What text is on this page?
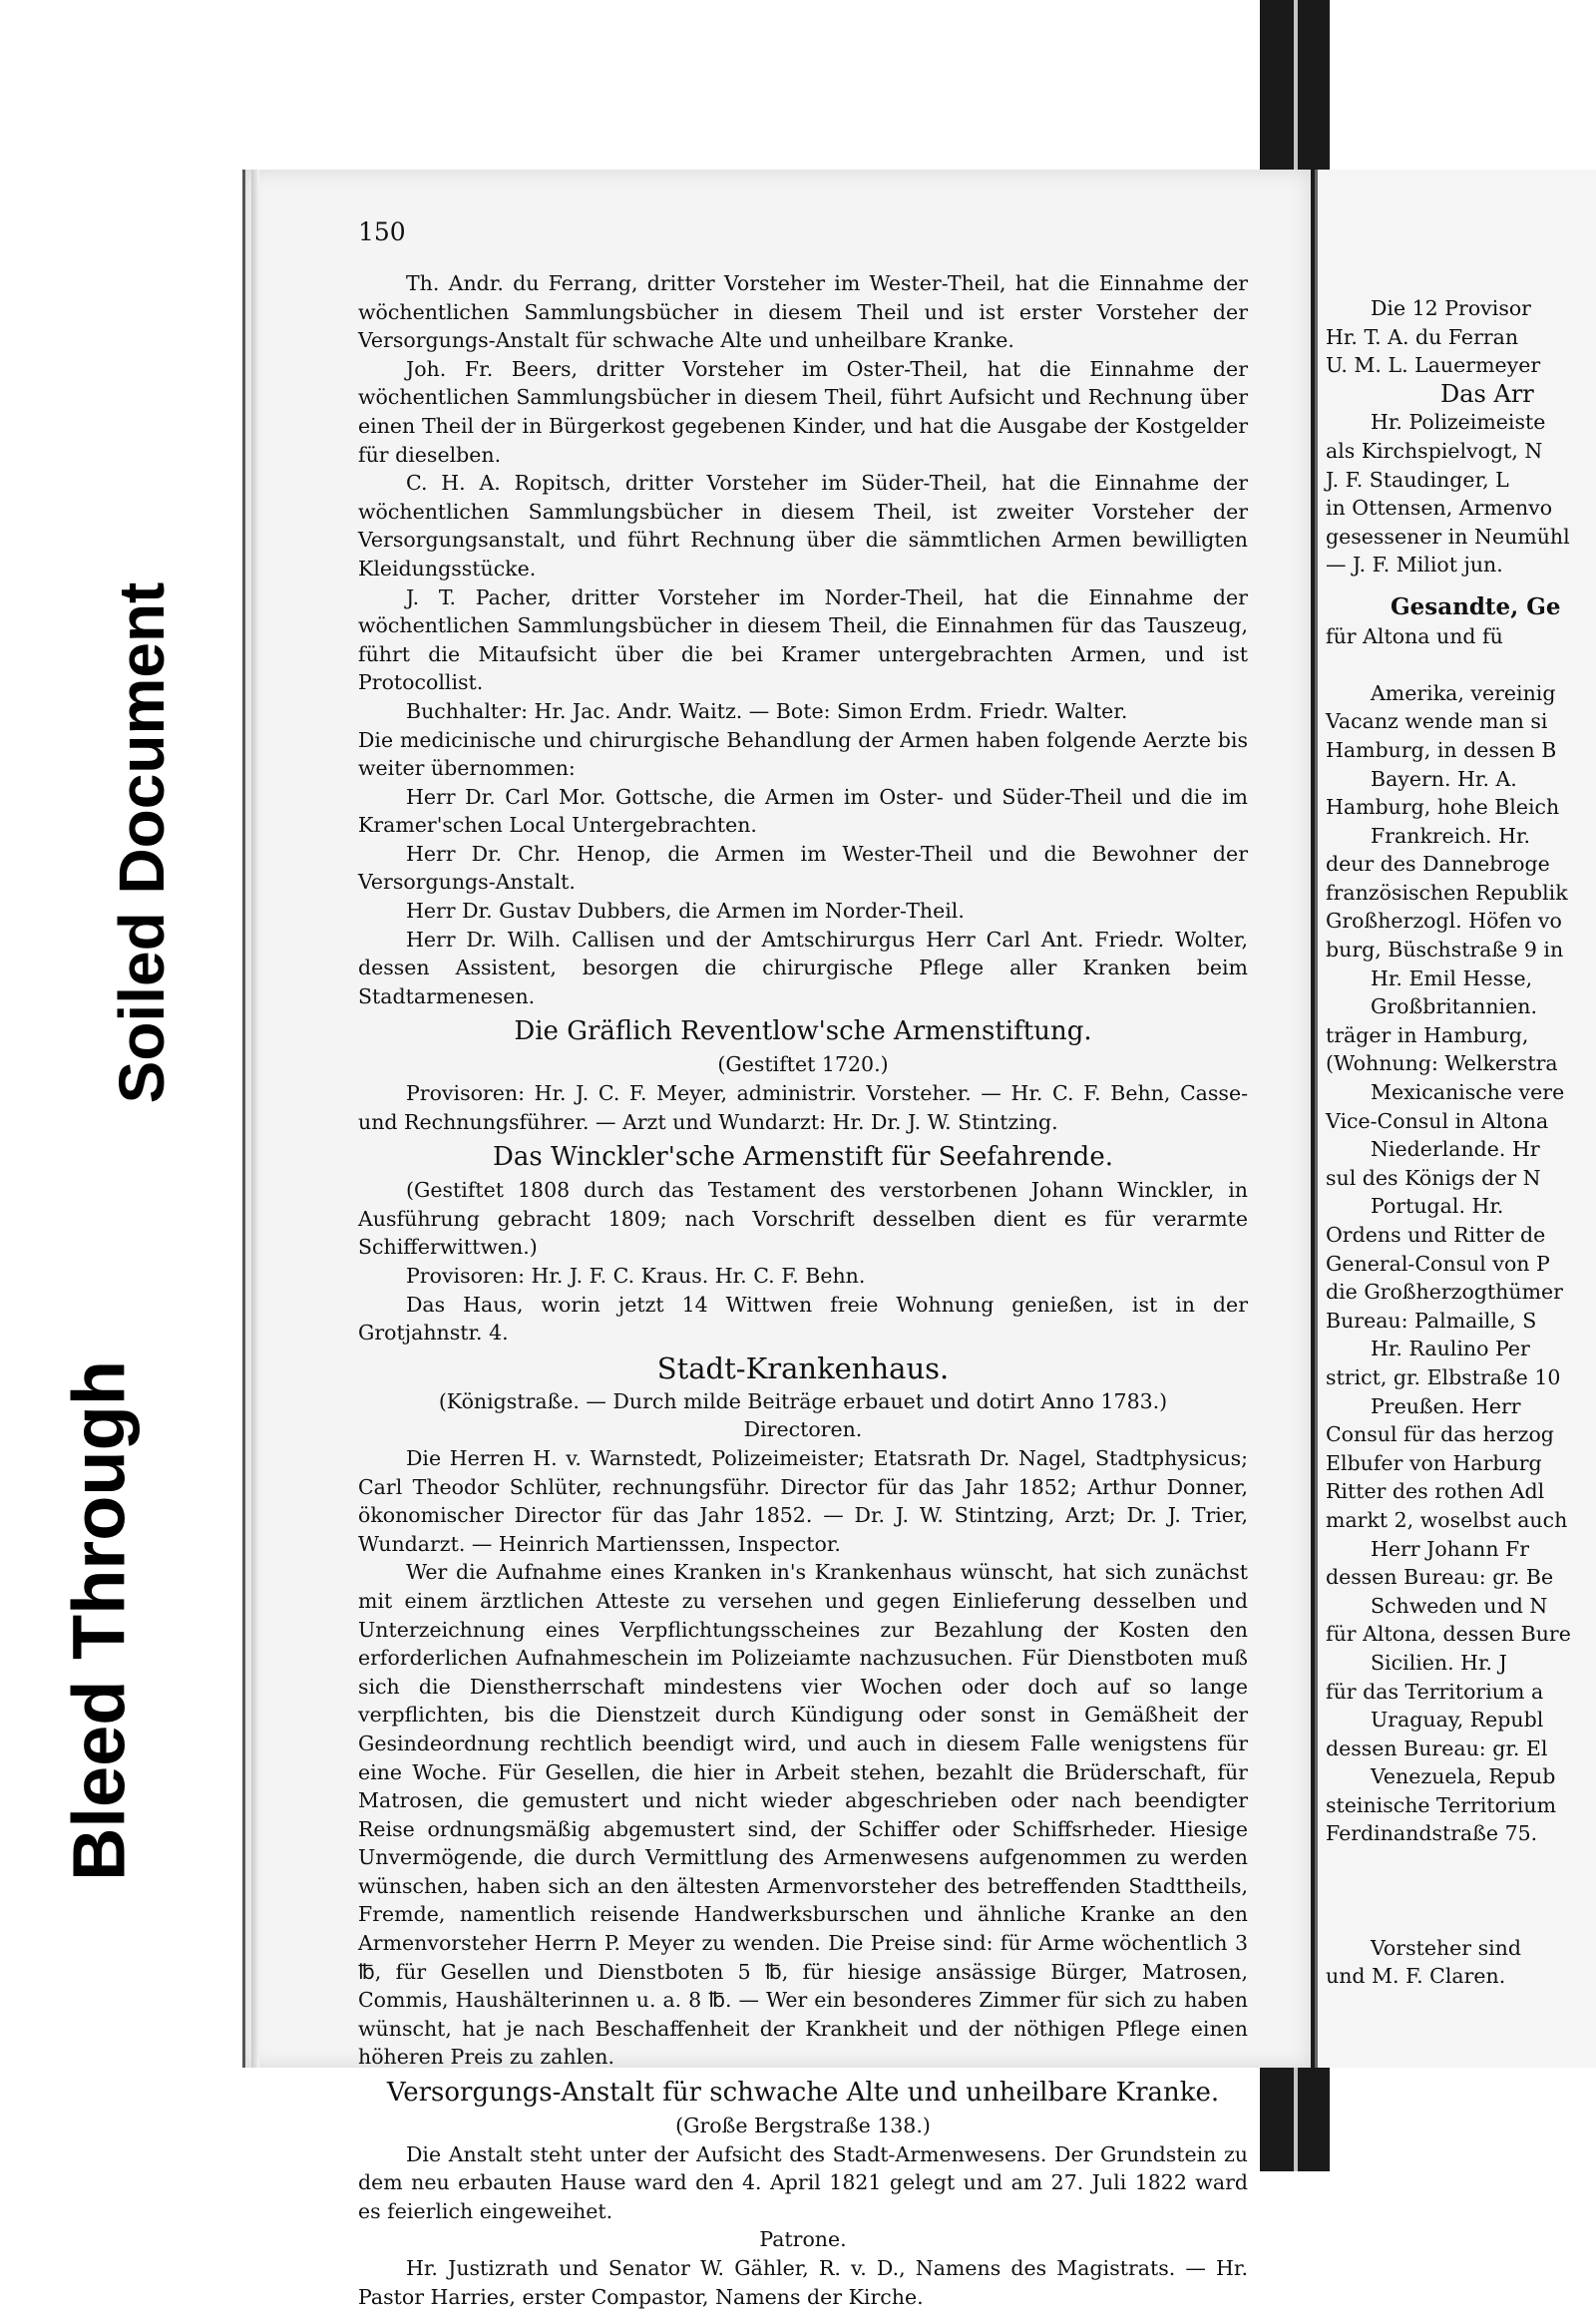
150

Th. Andr. du Ferrang, dritter Vorsteher im Wester-Theil, hat die Einnahme der wöchentlichen Sammlungsbücher in diesem Theil und ist erster Vorsteher der Versorgungs-Anstalt für schwache Alte und unheilbare Kranke.

Joh. Fr. Beers, dritter Vorsteher im Oster-Theil, hat die Einnahme der wöchentlichen Sammlungsbücher in diesem Theil, führt Aufsicht und Rechnung über einen Theil der in Bürgerkost gegebenen Kinder, und hat die Ausgabe der Kostgelder für dieselben.

C. H. A. Ropitsch, dritter Vorsteher im Süder-Theil, hat die Einnahme der wöchentlichen Sammlungsbücher in diesem Theil, ist zweiter Vorsteher der Versorgungsanstalt, und führt Rechnung über die sämmtlichen Armen bewilligten Kleidungsstücke.

J. T. Pacher, dritter Vorsteher im Norder-Theil, hat die Einnahme der wöchentlichen Sammlungsbücher in diesem Theil, die Einnahmen für das Tauszeug, führt die Mitaufsicht über die bei Kramer untergebrachten Armen, und ist Protocollist.

Buchhalter: Hr. Jac. Andr. Waitz. — Bote: Simon Erdm. Friedr. Walter.

Die medicinische und chirurgische Behandlung der Armen haben folgende Aerzte bis weiter übernommen:

Herr Dr. Carl Mor. Gottsche, die Armen im Oster- und Süder-Theil und die im Kramer'schen Local Untergebrachten.

Herr Dr. Chr. Henop, die Armen im Wester-Theil und die Bewohner der Versorgungs-Anstalt.

Herr Dr. Gustav Dubbers, die Armen im Norder-Theil.

Herr Dr. Wilh. Callisen und der Amtschirurgus Herr Carl Ant. Friedr. Wolter, dessen Assistent, besorgen die chirurgische Pflege aller Kranken beim Stadtarmenesen.

Die Gräflich Reventlow'sche Armenstiftung.

(Gestiftet 1720.)

Provisoren: Hr. J. C. F. Meyer, administrir. Vorsteher. — Hr. C. F. Behn, Casse- und Rechnungsführer. — Arzt und Wundarzt: Hr. Dr. J. W. Stintzing.

Das Winckler'sche Armenstift für Seefahrende.

(Gestiftet 1808 durch das Testament des verstorbenen Johann Winckler, in Ausführung gebracht 1809; nach Vorschrift desselben dient es für verarmte Schifferwittwen.)

Provisoren: Hr. J. F. C. Kraus. Hr. C. F. Behn.

Das Haus, worin jetzt 14 Wittwen freie Wohnung genießen, ist in der Grotjahnstr. 4.

Stadt-Krankenhaus.

(Königstraße. — Durch milde Beiträge erbauet und dotirt Anno 1783.)

Directoren.

Die Herren H. v. Warnstedt, Polizeimeister; Etatsrath Dr. Nagel, Stadtphysicus; Carl Theodor Schlüter, rechnungsführ. Director für das Jahr 1852; Arthur Donner, ökonomischer Director für das Jahr 1852. — Dr. J. W. Stintzing, Arzt; Dr. J. Trier, Wundarzt. — Heinrich Martienssen, Inspector.

Wer die Aufnahme eines Kranken in's Krankenhaus wünscht, hat sich zunächst mit einem ärztlichen Atteste zu versehen und gegen Einlieferung desselben und Unterzeichnung eines Verpflichtungsscheines zur Bezahlung der Kosten den erforderlichen Aufnahmeschein im Polizeiamte nachzusuchen. Für Dienstboten muß sich die Dienstherrschaft mindestens vier Wochen oder doch auf so lange verpflichten, bis die Dienstzeit durch Kündigung oder sonst in Gemäßheit der Gesindeordnung rechtlich beendigt wird, und auch in diesem Falle wenigstens für eine Woche. Für Gesellen, die hier in Arbeit stehen, bezahlt die Brüderschaft, für Matrosen, die gemustert und nicht wieder abgeschrieben oder nach beendigter Reise ordnungsmäßig abgemustert sind, der Schiffer oder Schiffsrheder. Hiesige Unvermögende, die durch Vermittlung des Armenwesens aufgenommen zu werden wünschen, haben sich an den ältesten Armenvorsteher des betreffenden Stadttheils, Fremde, namentlich reisende Handwerksburschen und ähnliche Kranke an den Armenvorsteher Herrn P. Meyer zu wenden. Die Preise sind: für Arme wöchentlich 3 ℔, für Gesellen und Dienstboten 5 ℔, für hiesige ansässige Bürger, Matrosen, Commis, Haushälterinnen u. a. 8 ℔. — Wer ein besonderes Zimmer für sich zu haben wünscht, hat je nach Beschaffenheit der Krankheit und der nöthigen Pflege einen höheren Preis zu zahlen.

Versorgungs-Anstalt für schwache Alte und unheilbare Kranke.

(Große Bergstraße 138.)

Die Anstalt steht unter der Aufsicht des Stadt-Armenwesens. Der Grundstein zu dem neu erbauten Hause ward den 4. April 1821 gelegt und am 27. Juli 1822 ward es feierlich eingeweihet.

Patrone.

Hr. Justizrath und Senator W. Gähler, R. v. D., Namens des Magistrats. — Hr. Pastor Harries, erster Compastor, Namens der Kirche.

Die 12 Provisor
Hr. T. A. du Ferran
U. M. L. Lauermeyer
Das Arr
Hr. Polizeimeiste
als Kirchspielvogt, N
J. F. Staudinger, L
in Ottensen, Armenvo
gesessener in Neumühl
— J. F. Miliot jun.
Gesandte, Ge
für Altona und fü
Amerika, vereinig
Vacanz wende man si
Hamburg, in dessen B
Bayern. Hr. A.
Hamburg, hohe Bleich
Frankreich. Hr.
deur des Dannebroge
französischen Republik
Großherzogl. Höfen vo
burg, Büschstraße 9 in
Hr. Emil Hesse,
Großbritannien.
träger in Hamburg,
(Wohnung: Welkerstra
Mexicanische vere
Vice-Consul in Altona
Niederlande. Hr
sul des Königs der N
Portugal. Hr.
Ordens und Ritter de
General-Consul von P
die Großherzogthümer
Bureau: Palmaille, S
Hr. Raulino Per
strict, gr. Elbstraße 10
Preußen. Herr
Consul für das herzog
Elbufer von Harburg
Ritter des rothen Adl
markt 2, woselbst auch
Herr Johann Fr
dessen Bureau: gr. Be
Schweden und N
für Altona, dessen Bure
Sicilien. Hr. J
für das Territorium a
Uraguay, Republ
dessen Bureau: gr. El
Venezuela, Repub
steinische Territorium
Ferdinandstraße 75.
Vorsteher sind
und M. F. Claren.
Soiled Document
Bleed Through
